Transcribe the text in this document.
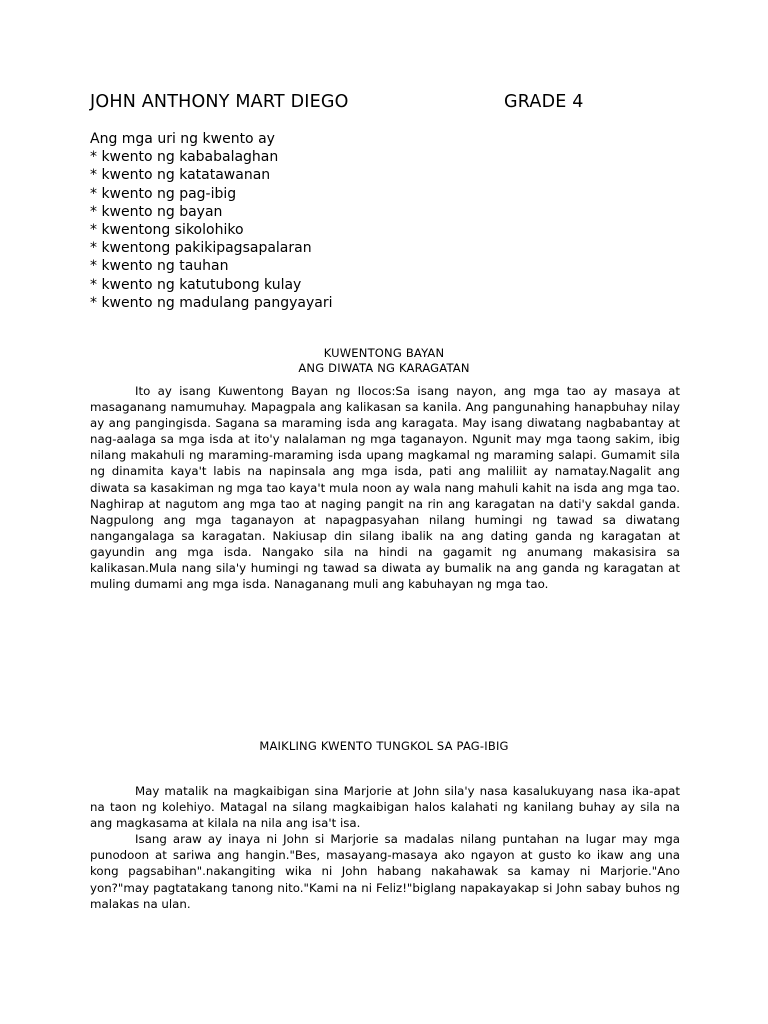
JOHN ANTHONY MART DIEGO	GRADE 4
Ang mga uri ng kwento ay
* kwento ng kababalaghan
* kwento ng katatawanan
* kwento ng pag-ibig
* kwento ng bayan
* kwentong sikolohiko
* kwentong pakikipagsapalaran
* kwento ng tauhan
* kwento ng katutubong kulay
* kwento ng madulang pangyayari
KUWENTONG BAYAN
ANG DIWATA NG KARAGATAN

Ito ay isang Kuwentong Bayan ng Ilocos:Sa isang nayon, ang mga tao ay masaya at masaganang namumuhay. Mapagpala ang kalikasan sa kanila. Ang pangunahing hanapbuhay nilay ay ang pangingisda. Sagana sa maraming isda ang karagata. May isang diwatang nagbabantay at nag-aalaga sa mga isda at ito'y nalalaman ng mga taganayon. Ngunit may mga taong sakim, ibig nilang makahuli ng maraming-maraming isda upang magkamal ng maraming salapi. Gumamit sila ng dinamita kaya't labis na napinsala ang mga isda, pati ang maliliit ay namatay.Nagalit ang diwata sa kasakiman ng mga tao kaya't mula noon ay wala nang mahuli kahit na isda ang mga tao. Naghirap at nagutom ang mga tao at naging pangit na rin ang karagatan na dati'y sakdal ganda. Nagpulong ang mga taganayon at napagpasyahan nilang humingi ng tawad sa diwatang nangangalaga sa karagatan. Nakiusap din silang ibalik na ang dating ganda ng karagatan at gayundin ang mga isda. Nangako sila na hindi na gagamit ng anumang makasisira sa kalikasan.Mula nang sila'y humingi ng tawad sa diwata ay bumalik na ang ganda ng karagatan at muling dumami ang mga isda. Nanaganang muli ang kabuhayan ng mga tao.

MAIKLING KWENTO TUNGKOL SA PAG-IBIG

May matalik na magkaibigan sina Marjorie at John sila'y nasa kasalukuyang nasa ika-apat na taon ng kolehiyo. Matagal na silang magkaibigan halos kalahati ng kanilang buhay ay sila na ang magkasama at kilala na nila ang isa't isa.

Isang araw ay inaya ni John si Marjorie sa madalas nilang puntahan na lugar may mga punodoon at sariwa ang hangin."Bes, masayang-masaya ako ngayon at gusto ko ikaw ang una kong pagsabihan".nakangiting wika ni John habang nakahawak sa kamay ni Marjorie."Ano yon?"may pagtatakang tanong nito."Kami na ni Feliz!"biglang napakayakap si John sabay buhos ng malakas na ulan.
